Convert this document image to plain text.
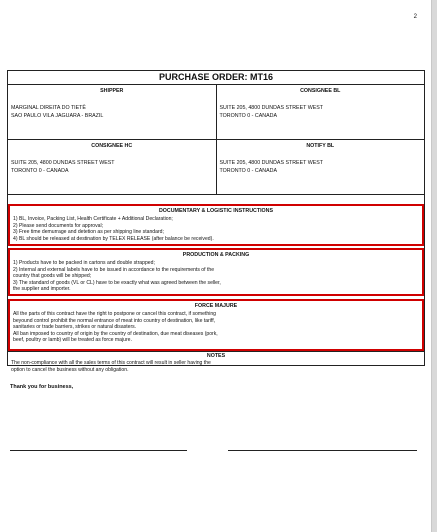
2
PURCHASE ORDER: MT16
SHIPPER
MARGINAL DIREITA DO TIETÊ
SAO PAULO VILA JAGUARA - BRAZIL
CONSIGNEE BL
SUITE 205, 4800 DUNDAS STREET WEST
TORONTO 0 - CANADA
CONSIGNEE HC
SUITE 205, 4800 DUNDAS STREET WEST
TORONTO 0 - CANADA
NOTIFY BL
SUITE 205, 4800 DUNDAS STREET WEST
TORONTO 0 - CANADA
DOCUMENTARY & LOGISTIC INSTRUCTIONS
1) BL, Invoice, Packing List, Health Certificate + Additional Declaration;
2) Please send documents for approval;
3) Free time demurrage and detetion as per shipping line standard;
4) BL should be released at destination by TELEX RELEASE (after balance be received).
PRODUCTION & PACKING
1) Products have to be packed in cartons and double strapped;
2) Internal and external labels have to be issued in accordance to the requirements of the
country that goods will be shipped;
3) The standard of goods (VL or CL) have to be exactly what was agreed between the seller,
the supplier and importer.
FORCE MAJURE
All the parts of this contract have the right to postpone or cancel this contract, if something
beyound control prohibit the normal entrance of meat into country of destination, like tariff,
sanitaries or trade barriers, strikes or natural disasters.
All ban imposed to country of origin by the country of destination, due meat diseases (pork,
beef, poultry or lamb) will be treated as force majure.
NOTES
The non-compliance with all the sales terms of this contract will result in seller having the
option to cancel the business without any obligation.
Thank you for business,
